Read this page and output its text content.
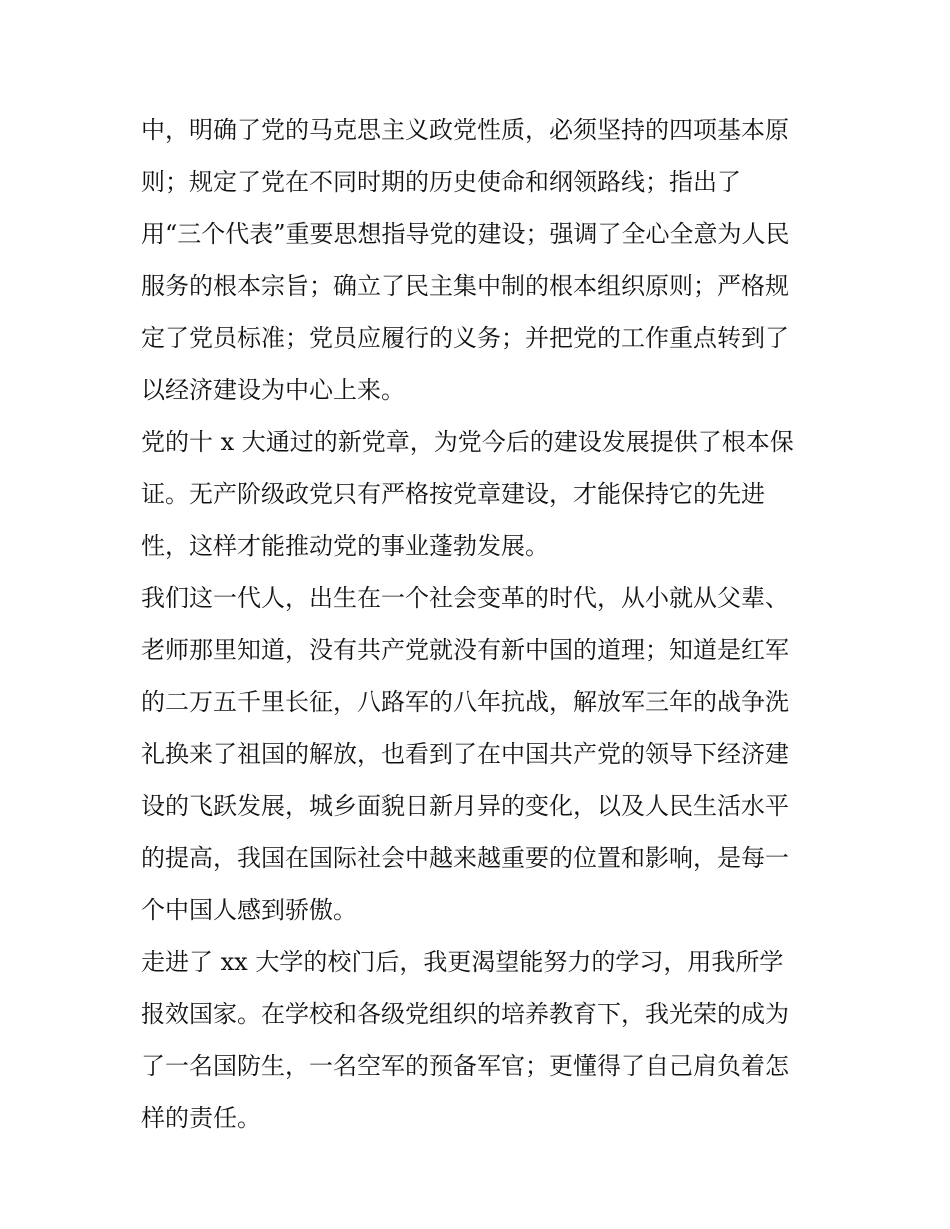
中，明确了党的马克思主义政党性质，必须坚持的四项基本原
则；规定了党在不同时期的历史使命和纲领路线；指出了
用“三个代表”重要思想指导党的建设；强调了全心全意为人民
服务的根本宗旨；确立了民主集中制的根本组织原则；严格规
定了党员标准；党员应履行的义务；并把党的工作重点转到了
以经济建设为中心上来。
党的十 x 大通过的新党章，为党今后的建设发展提供了根本保
证。无产阶级政党只有严格按党章建设，才能保持它的先进
性，这样才能推动党的事业蓬勃发展。
我们这一代人，出生在一个社会变革的时代，从小就从父辈、
老师那里知道，没有共产党就没有新中国的道理；知道是红军
的二万五千里长征，八路军的八年抗战，解放军三年的战争洗
礼换来了祖国的解放，也看到了在中国共产党的领导下经济建
设的飞跃发展，城乡面貌日新月异的变化，以及人民生活水平
的提高，我国在国际社会中越来越重要的位置和影响，是每一
个中国人感到骄傲。
走进了 xx 大学的校门后，我更渴望能努力的学习，用我所学
报效国家。在学校和各级党组织的培养教育下，我光荣的成为
了一名国防生，一名空军的预备军官；更懂得了自己肩负着怎
样的责任。
